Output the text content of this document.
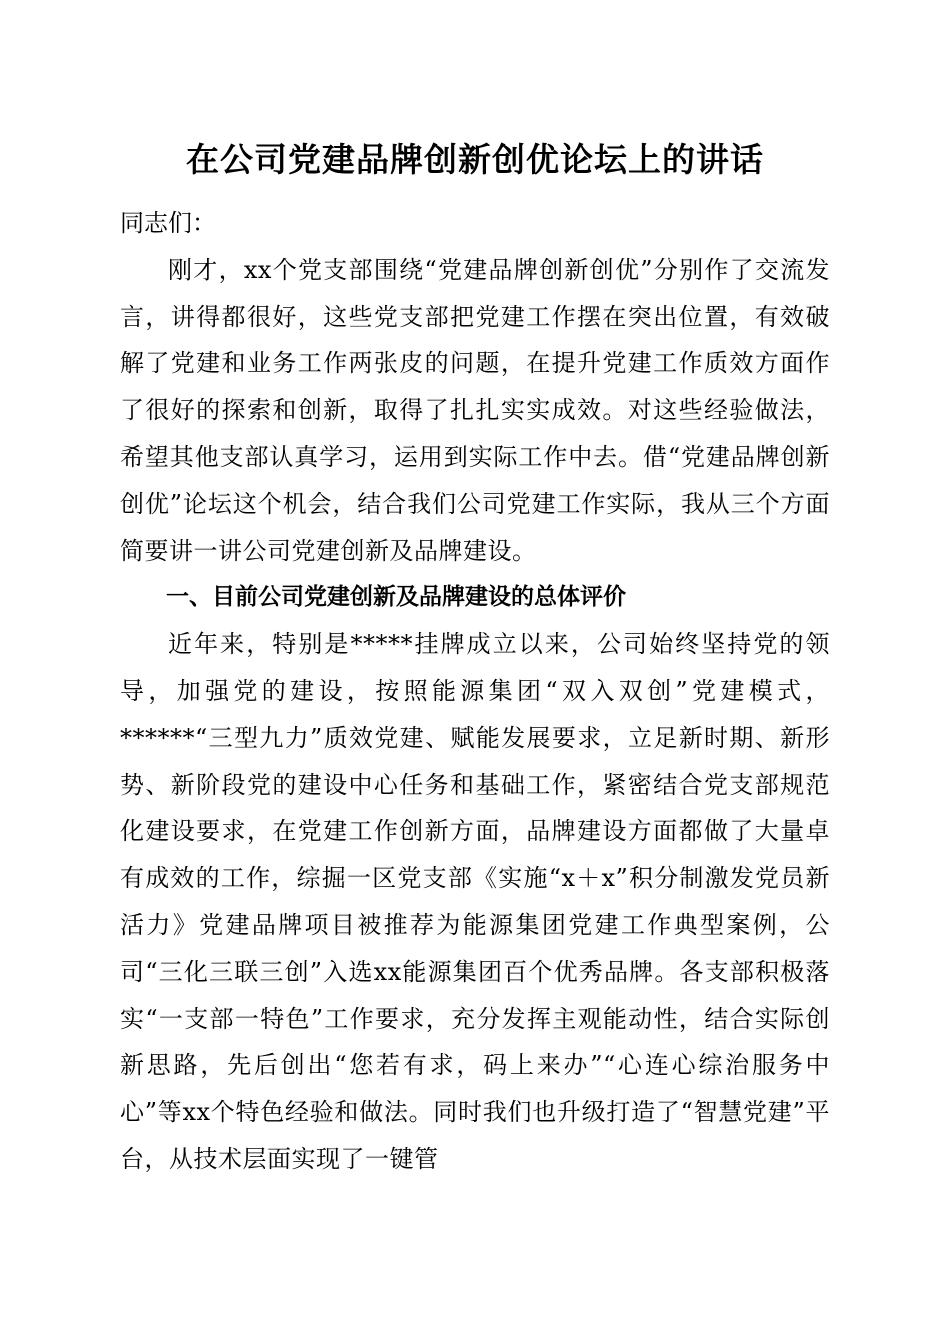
在公司党建品牌创新创优论坛上的讲话

同志们：

刚才，xx个党支部围绕“党建品牌创新创优”分别作了交流发言，讲得都很好，这些党支部把党建工作摆在突出位置，有效破解了党建和业务工作两张皮的问题，在提升党建工作质效方面作了很好的探索和创新，取得了扎扎实实成效。对这些经验做法，希望其他支部认真学习，运用到实际工作中去。借“党建品牌创新创优”论坛这个机会，结合我们公司党建工作实际，我从三个方面简要讲一讲公司党建创新及品牌建设。

一、目前公司党建创新及品牌建设的总体评价

近年来，特别是*****挂牌成立以来，公司始终坚持党的领导，加强党的建设，按照能源集团“双入双创”党建模式，******“三型九力”质效党建、赋能发展要求，立足新时期、新形势、新阶段党的建设中心任务和基础工作，紧密结合党支部规范化建设要求，在党建工作创新方面，品牌建设方面都做了大量卓有成效的工作，综掘一区党支部《实施“x＋x”积分制激发党员新活力》党建品牌项目被推荐为能源集团党建工作典型案例，公司“三化三联三创”入选xx能源集团百个优秀品牌。各支部积极落实“一支部一特色”工作要求，充分发挥主观能动性，结合实际创新思路，先后创出“您若有求，码上来办”“心连心综治服务中心”等xx个特色经验和做法。同时我们也升级打造了“智慧党建”平台，从技术层面实现了一键管
